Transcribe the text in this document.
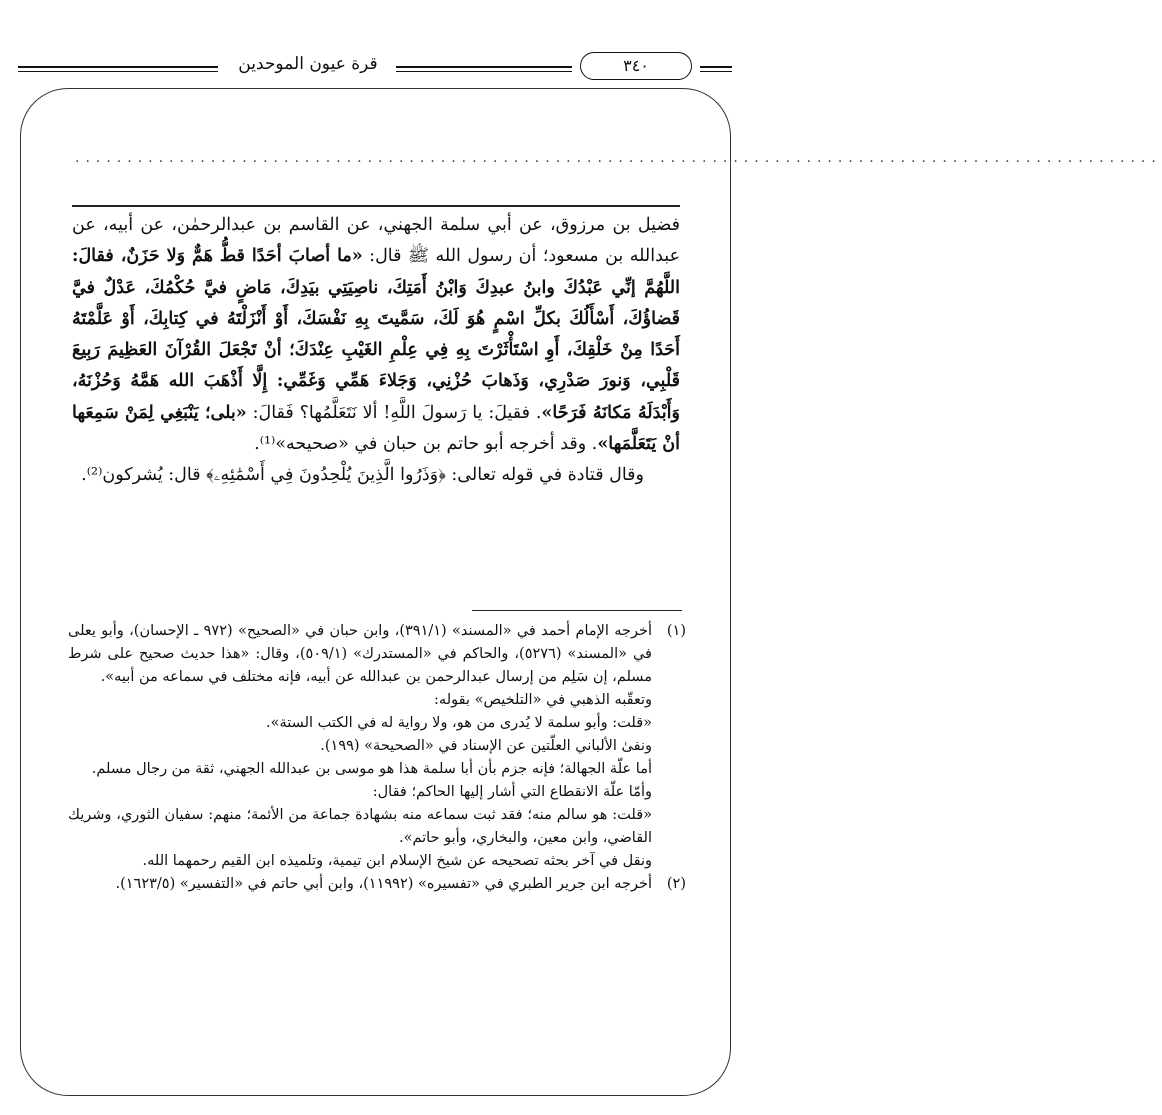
قرة عيون الموحدين	٣٤٠
........................................................................................................

فضيل بن مرزوق، عن أبي سلمة الجهني، عن القاسم بن عبدالرحمٰن، عن أبيه، عن عبدالله بن مسعود؛ أن رسول الله ﷺ قال: «ما أصابَ أحَدًا قطُّ هَمٌّ وَلا حَزَنٌ، فقالَ: اللَّهُمَّ إنِّي عَبْدُكَ وابنُ عبدِكَ وَابْنُ أَمَتِكَ، ناصِيَتِي بيَدِكَ، مَاضٍ فيَّ حُكْمُكَ، عَدْلٌ فيَّ قَضاؤُكَ، أَسْأَلُكَ بكلِّ اسْمٍ هُوَ لَكَ، سَمَّيتَ بِهِ نَفْسَكَ، أَوْ أَنْزَلْتَهُ في كِتابِكَ، أَوْ عَلَّمْتَهُ أَحَدًا مِنْ خَلْقِكَ، أَوِ اسْتَأْثَرْتَ بِهِ فِي عِلْمِ الغَيْبِ عِنْدَكَ؛ أنْ تَجْعَلَ القُرْآنَ العَظِيمَ رَبِيعَ قَلْبِي، وَنورَ صَدْرِي، وَذَهابَ حُزْنِي، وَجَلاءَ هَمِّي وَغَمِّي: إِلَّا أَذْهَبَ الله هَمَّهُ وَحُزْنَهُ، وَأَبْدَلَهُ مَكانَهُ فَرَحًا». فقيلَ: يا رَسولَ اللَّهِ! ألا نَتَعَلَّمُها؟ فَقالَ: «بلى؛ يَنْبَغِي لِمَنْ سَمِعَها أنْ يَتَعَلَّمَها». وقد أخرجه أبو حاتم بن حبان في «صحيحه»⁽¹⁾.

وقال قتادة في قوله تعالى: ﴿وَذَرُوا الَّذِينَ يُلْحِدُونَ فِي أَسْمَٰئِهِۦ﴾ قال: يُشركون⁽²⁾.

(١)

أخرجه الإمام أحمد في «المسند» (٣٩١/١)، وابن حبان في «الصحيح» (٩٧٢ ـ الإحسان)، وأبو يعلى في «المسند» (٥٢٧٦)، والحاكم في «المستدرك» (٥٠٩/١)، وقال: «هذا حديث صحيح على شرط مسلم، إن سَلِم من إرسال عبدالرحمن بن عبدالله عن أبيه، فإنه مختلف في سماعه من أبيه».

وتعقّبه الذهبي في «التلخيص» بقوله:

«قلت: وأبو سلمة لا يُدرى من هو، ولا رواية له في الكتب الستة».

ونفىٰ الألباني العلّتين عن الإسناد في «الصحيحة» (١٩٩).

أما علّة الجهالة؛ فإنه جزم بأن أبا سلمة هذا هو موسى بن عبدالله الجهني، ثقة من رجال مسلم.

وأمّا علّة الانقطاع التي أشار إليها الحاكم؛ فقال:

«قلت: هو سالم منه؛ فقد ثبت سماعه منه بشهادة جماعة من الأئمة؛ منهم: سفيان الثوري، وشريك القاضي، وابن معين، والبخاري، وأبو حاتم».

ونقل في آخر بحثه تصحيحه عن شيخ الإسلام ابن تيمية، وتلميذه ابن القيم رحمهما الله.

(٢)

أخرجه ابن جرير الطبري في «تفسيره» (١١٩٩٢)، وابن أبي حاتم في «التفسير» (١٦٢٣/٥).
